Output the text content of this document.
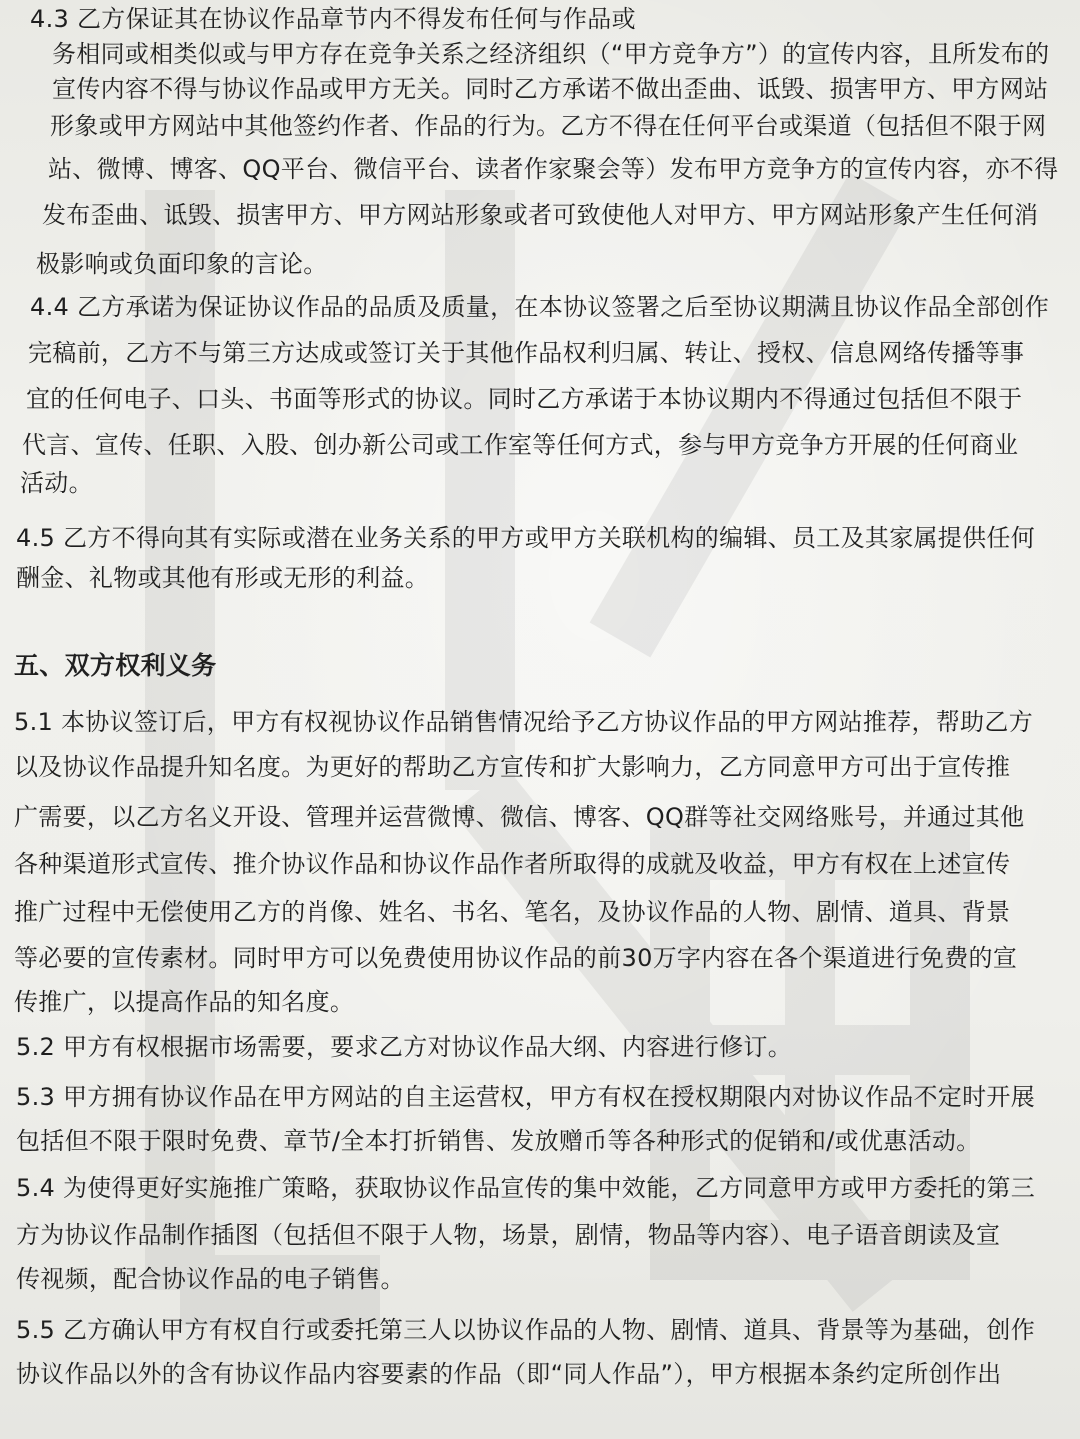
4.3 乙方保证其在协议作品章节内不得发布任何与作品或
务相同或相类似或与甲方存在竞争关系之经济组织（“甲方竞争方”）的宣传内容，且所发布的
宣传内容不得与协议作品或甲方无关。同时乙方承诺不做出歪曲、诋毁、损害甲方、甲方网站
形象或甲方网站中其他签约作者、作品的行为。乙方不得在任何平台或渠道（包括但不限于网
站、微博、博客、QQ平台、微信平台、读者作家聚会等）发布甲方竞争方的宣传内容，亦不得
发布歪曲、诋毁、损害甲方、甲方网站形象或者可致使他人对甲方、甲方网站形象产生任何消
极影响或负面印象的言论。
4.4 乙方承诺为保证协议作品的品质及质量，在本协议签署之后至协议期满且协议作品全部创作
完稿前，乙方不与第三方达成或签订关于其他作品权利归属、转让、授权、信息网络传播等事
宜的任何电子、口头、书面等形式的协议。同时乙方承诺于本协议期内不得通过包括但不限于
代言、宣传、任职、入股、创办新公司或工作室等任何方式，参与甲方竞争方开展的任何商业
活动。
4.5 乙方不得向其有实际或潜在业务关系的甲方或甲方关联机构的编辑、员工及其家属提供任何
酬金、礼物或其他有形或无形的利益。
五、双方权利义务
5.1 本协议签订后，甲方有权视协议作品销售情况给予乙方协议作品的甲方网站推荐，帮助乙方
以及协议作品提升知名度。为更好的帮助乙方宣传和扩大影响力，乙方同意甲方可出于宣传推
广需要，以乙方名义开设、管理并运营微博、微信、博客、QQ群等社交网络账号，并通过其他
各种渠道形式宣传、推介协议作品和协议作品作者所取得的成就及收益，甲方有权在上述宣传
推广过程中无偿使用乙方的肖像、姓名、书名、笔名，及协议作品的人物、剧情、道具、背景
等必要的宣传素材。同时甲方可以免费使用协议作品的前30万字内容在各个渠道进行免费的宣
传推广，以提高作品的知名度。
5.2 甲方有权根据市场需要，要求乙方对协议作品大纲、内容进行修订。
5.3 甲方拥有协议作品在甲方网站的自主运营权，甲方有权在授权期限内对协议作品不定时开展
包括但不限于限时免费、章节/全本打折销售、发放赠币等各种形式的促销和/或优惠活动。
5.4 为使得更好实施推广策略，获取协议作品宣传的集中效能，乙方同意甲方或甲方委托的第三
方为协议作品制作插图（包括但不限于人物，场景，剧情，物品等内容）、电子语音朗读及宣
传视频，配合协议作品的电子销售。
5.5 乙方确认甲方有权自行或委托第三人以协议作品的人物、剧情、道具、背景等为基础，创作
协议作品以外的含有协议作品内容要素的作品（即“同人作品”），甲方根据本条约定所创作出
